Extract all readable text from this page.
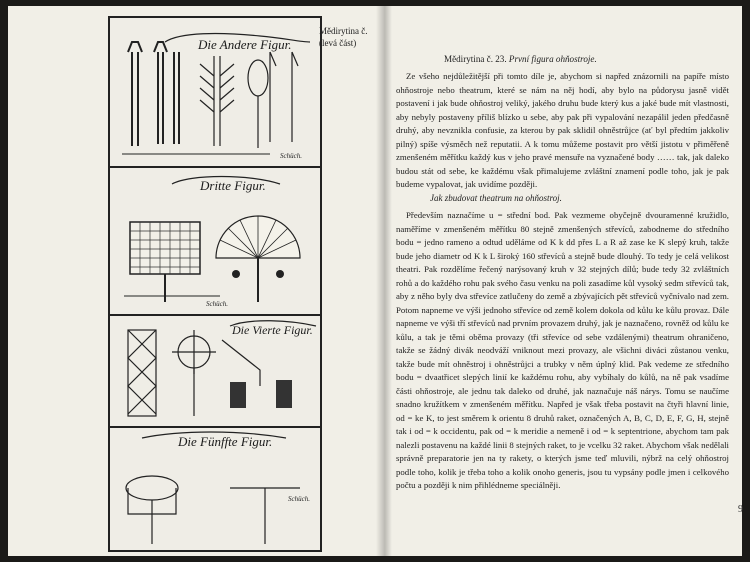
Die Andere Figur.
Schüch.
Dritte Figur.
Schüch.
Die Vierte Figur.
Die Fünffte Figur.
Schüch.
Mědirytina č.
(levá část)
Mědirytina č. 23. První figura ohňostroje.

Ze všeho nejdůležitější při tomto díle je, abychom si napřed znázornili na papíře místo ohňostroje nebo theatrum, které se nám na něj hodí, aby bylo na půdorysu jasně vidět postavení i jak bude ohňostroj veliký, jakého druhu bude který kus a jaké bude mít vlastnosti, aby nebyly postaveny příliš blízko u sebe, aby pak při vypalování nezapálil jeden předčasně druhý, aby nevznikla confusie, za kterou by pak sklidil ohněstrůjce (ať byl předtím jakkoliv pilný) spíše výsměch než reputatii. A k tomu můžeme postavit pro větší jistotu v přiměřeně zmenšeném měřítku každý kus v jeho pravé mensuře na vyznačené body …… tak, jak daleko budou stát od sebe, ke každému však přimalujeme zvláštní znamení podle toho, jak je pak budeme vypalovat, jak uvidíme později.

Jak zbudovat theatrum na ohňostroj.

Především naznačíme u = střední bod. Pak vezmeme obyčejně dvouramenné kružidlo, naměříme v zmenšeném měřítku 80 stejně zmenšených střevíců, zabodneme do středního bodu = jedno rameno a odtud uděláme od K k dd přes L a R až zase ke K slepý kruh, takže bude jeho diametr od K k L široký 160 střevíců a stejně bude dlouhý. To tedy je celá velikost theatri. Pak rozdělíme řečený narýsovaný kruh v 32 stejných dílů; bude tedy 32 zvláštních rohů a do každého rohu pak svého času venku na poli zasadíme kůl vysoký sedm střevíců tak, aby z něho byly dva střevíce zatlučeny do země a zbývajících pět střevíců vyčnívalo nad zem. Potom napneme ve výši jednoho střevíce od země kolem dokola od kůlu ke kůlu provaz. Dále napneme ve výši tří střevíců nad prvním provazem druhý, jak je naznačeno, rovněž od kůlu ke kůlu, a tak je těmi oběma provazy (tři střevíce od sebe vzdálenými) theatrum ohraničeno, takže se žádný divák neodváží vniknout mezi provazy, ale všichni diváci zůstanou venku, takže bude mít ohněstroj i ohněstrůjci a trubky v něm úplný klid. Pak vedeme ze středního bodu = dvaatřicet slepých linií ke každému rohu, aby vybíhaly do kůlů, na ně pak vsadíme části ohňostroje, ale jednu tak daleko od druhé, jak naznačuje náš nárys. Tomu se naučíme snadno kružítkem v zmenšeném měřítku. Napřed je však třeba postavit na čtyři hlavní linie, od = ke K, to jest směrem k orientu 8 druhů raket, označených A, B, C, D, E, F, G, H, stejně tak i od = k occidentu, pak od = k meridie a nemeně i od = k septentrione, abychom tam pak nalezli postavenu na každé linii 8 stejných raket, to je vcelku 32 raket. Abychom však nedělali správně preparatorie jen na ty rakety, o kterých jsme teď mluvili, nýbrž na celý ohňostroj podle toho, kolik je třeba toho a kolik onoho generis, jsou tu vypsány podle jmen i celkového počtu a později k nim přihlédneme speciálněji.

9
